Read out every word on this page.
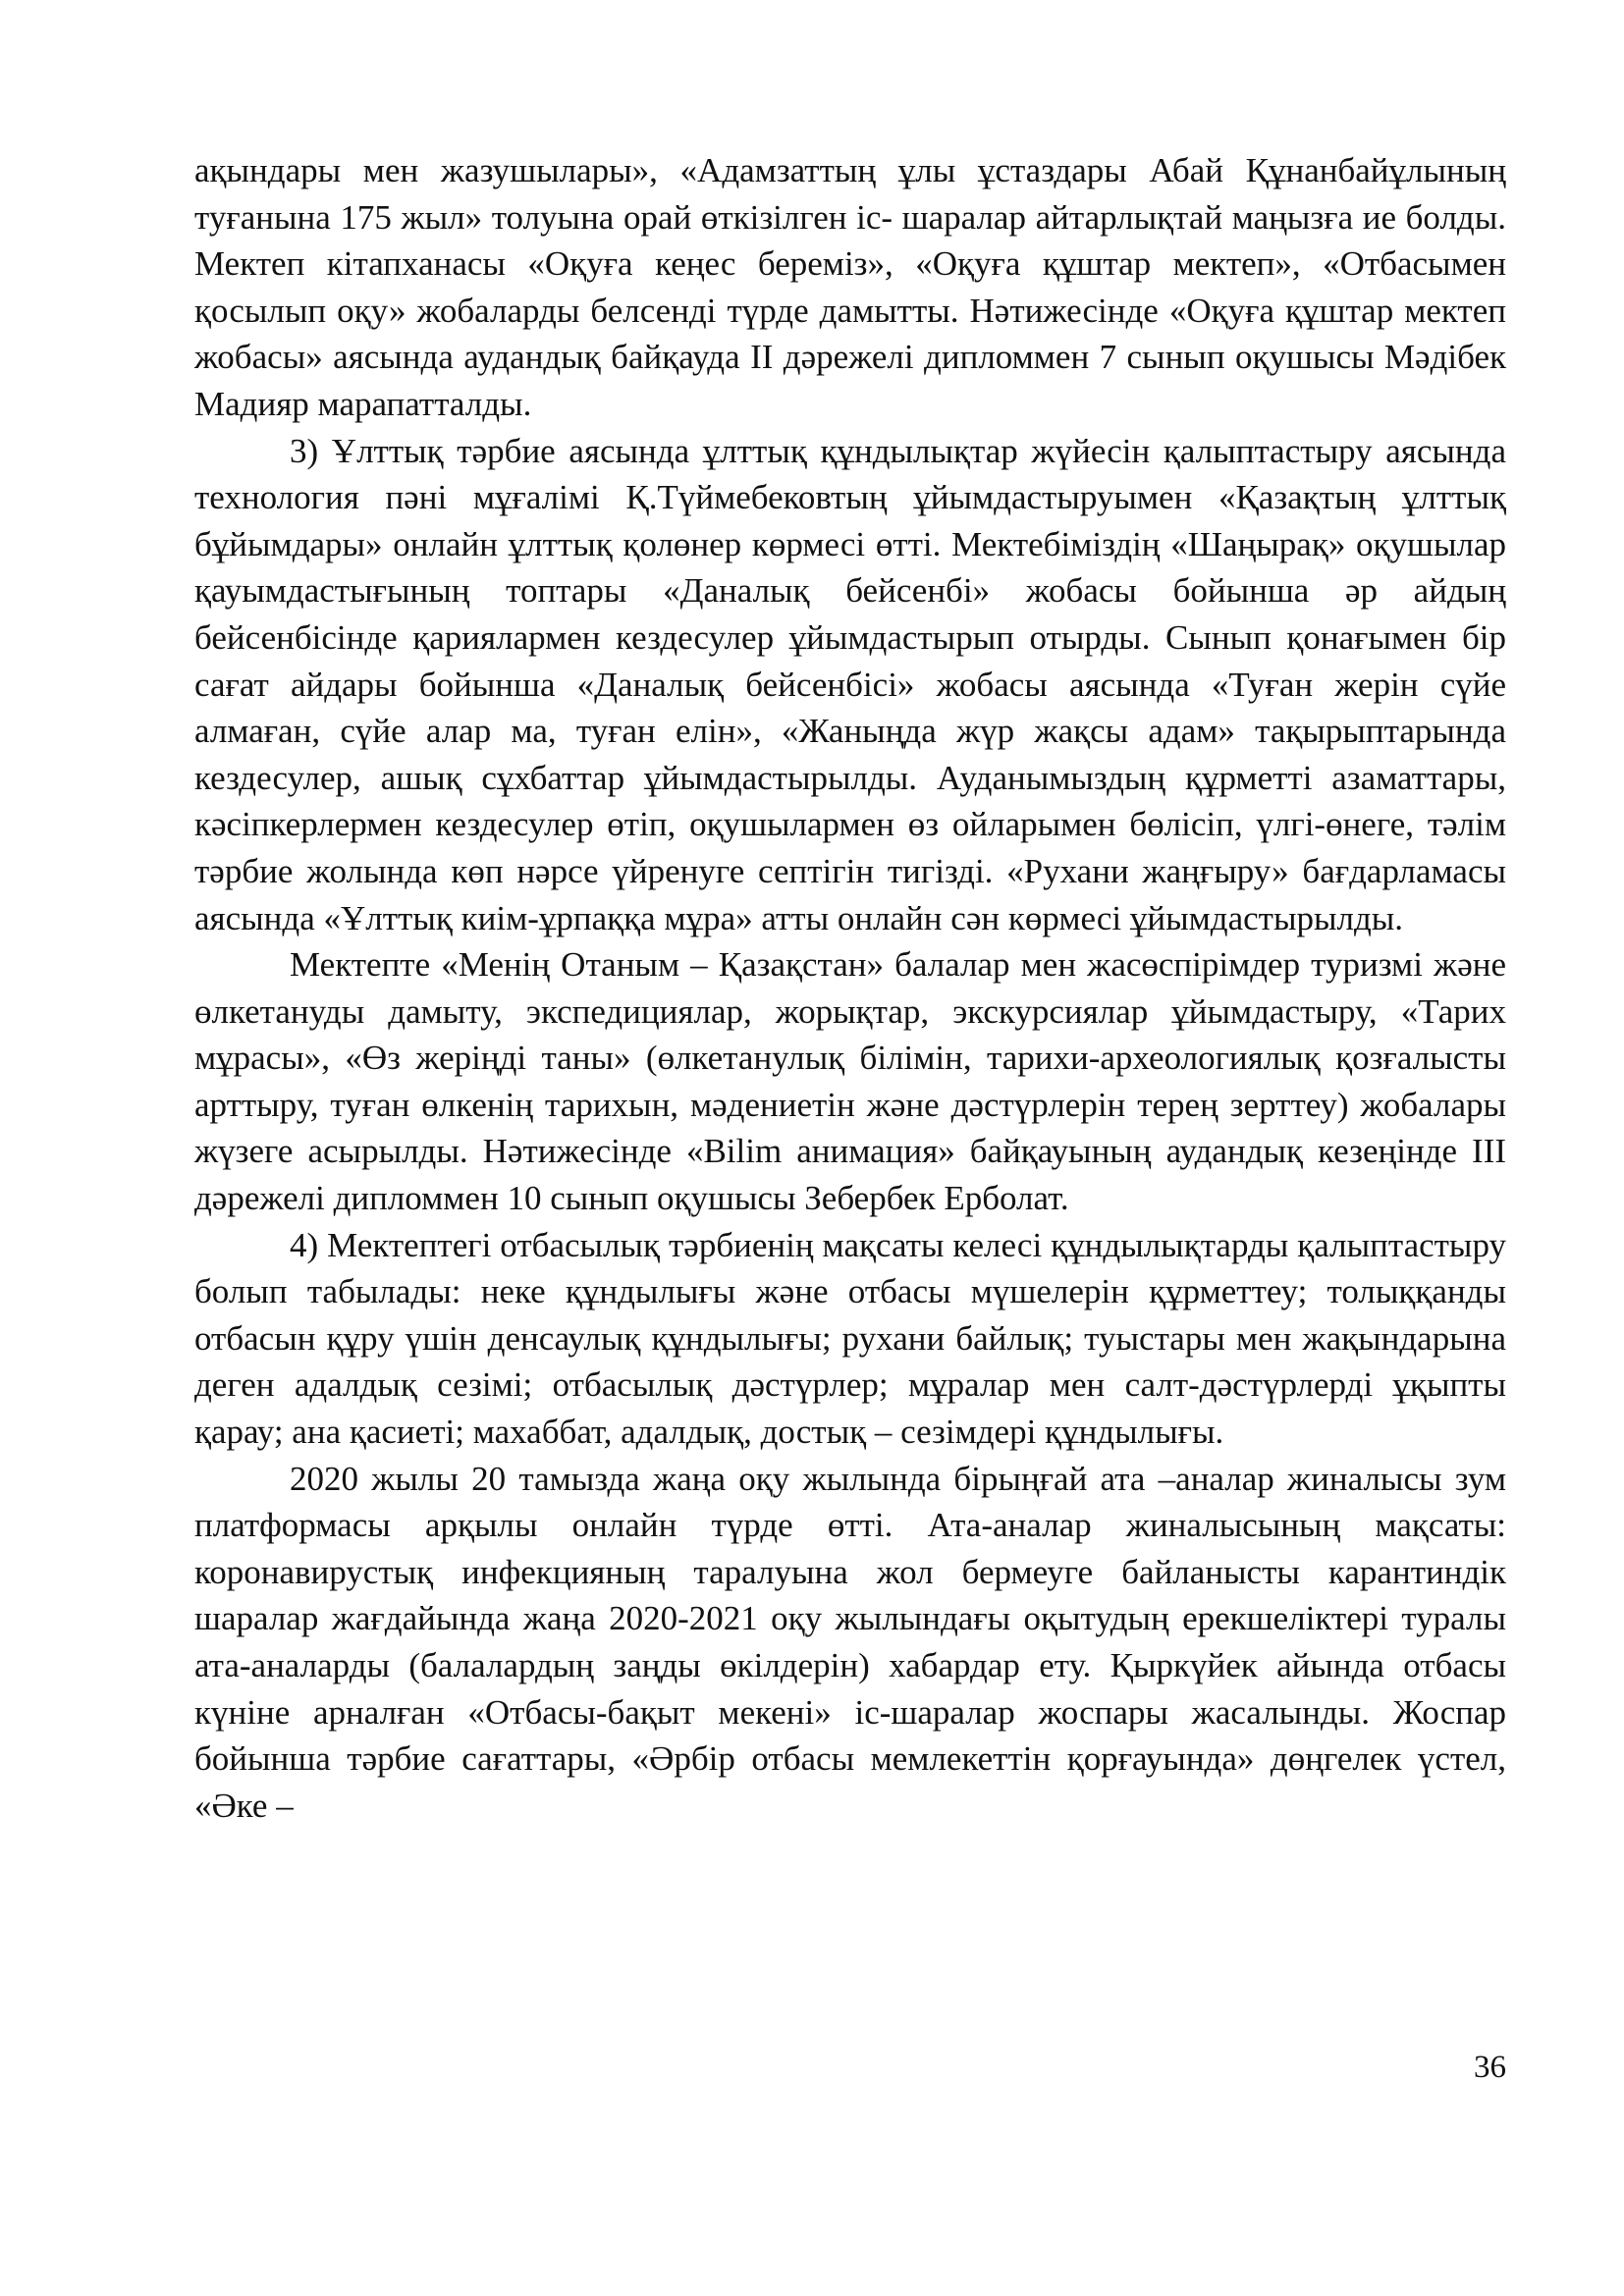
ақындары мен жазушылары», «Адамзаттың ұлы ұстаздары Абай Құнанбайұлының туғанына 175 жыл» толуына орай өткізілген іс- шаралар айтарлықтай маңызға ие болды. Мектеп кітапханасы «Оқуға кеңес береміз», «Оқуға құштар мектеп», «Отбасымен қосылып оқу» жобаларды белсенді түрде дамытты. Нәтижесінде «Оқуға құштар мектеп жобасы» аясында аудандық байқауда ІІ дәрежелі дипломмен 7 сынып оқушысы Мәдібек Мадияр марапатталды.

3) Ұлттық тәрбие аясында ұлттық құндылықтар жүйесін қалыптастыру аясында технология пәні мұғалімі Қ.Түймебековтың ұйымдастыруымен «Қазақтың ұлттық бұйымдары» онлайн ұлттық қолөнер көрмесі өтті. Мектебіміздің «Шаңырақ» оқушылар қауымдастығының топтары «Даналық бейсенбі» жобасы бойынша әр айдың бейсенбісінде қариялармен кездесулер ұйымдастырып отырды. Сынып қонағымен бір сағат айдары бойынша «Даналық бейсенбісі» жобасы аясында «Туған жерін сүйе алмаған, сүйе алар ма, туған елін», «Жаныңда жүр жақсы адам» тақырыптарында кездесулер, ашық сұхбаттар ұйымдастырылды. Ауданымыздың құрметті азаматтары, кәсіпкерлермен кездесулер өтіп, оқушылармен өз ойларымен бөлісіп, үлгі-өнеге, тәлім тәрбие жолында көп нәрсе үйренуге септігін тигізді. «Рухани жаңғыру» бағдарламасы аясында «Ұлттық киім-ұрпаққа мұра» атты онлайн сән көрмесі ұйымдастырылды.

Мектепте «Менің Отаным – Қазақстан» балалар мен жасөспірімдер туризмі және өлкетануды дамыту, экспедициялар, жорықтар, экскурсиялар ұйымдастыру, «Тарих мұрасы», «Өз жеріңді таны» (өлкетанулық білімін, тарихи-археологиялық қозғалысты арттыру, туған өлкенің тарихын, мәдениетін және дәстүрлерін терең зерттеу) жобалары жүзеге асырылды. Нәтижесінде «Bilim анимация» байқауының аудандық кезеңінде ІІІ дәрежелі дипломмен 10 сынып оқушысы Зебербек Ерболат.

4) Мектептегі отбасылық тәрбиенің мақсаты келесі құндылықтарды қалыптастыру болып табылады: неке құндылығы және отбасы мүшелерін құрметтеу; толыққанды отбасын құру үшін денсаулық құндылығы; рухани байлық; туыстары мен жақындарына деген адалдық сезімі; отбасылық дәстүрлер; мұралар мен салт-дәстүрлерді ұқыпты қарау; ана қасиеті; махаббат, адалдық, достық – сезімдері құндылығы.

2020 жылы 20 тамызда жаңа оқу жылында бірыңғай ата –аналар жиналысы зум платформасы арқылы онлайн түрде өтті. Ата-аналар жиналысының мақсаты: коронавирустық инфекцияның таралуына жол бермеуге байланысты карантиндік шаралар жағдайында жаңа 2020-2021 оқу жылындағы оқытудың ерекшеліктері туралы ата-аналарды (балалардың заңды өкілдерін) хабардар ету. Қыркүйек айында отбасы күніне арналған «Отбасы-бақыт мекені» іс-шаралар жоспары жасалынды. Жоспар бойынша тәрбие сағаттары, «Әрбір отбасы мемлекеттін қорғауында» дөңгелек үстел, «Әке –

36
